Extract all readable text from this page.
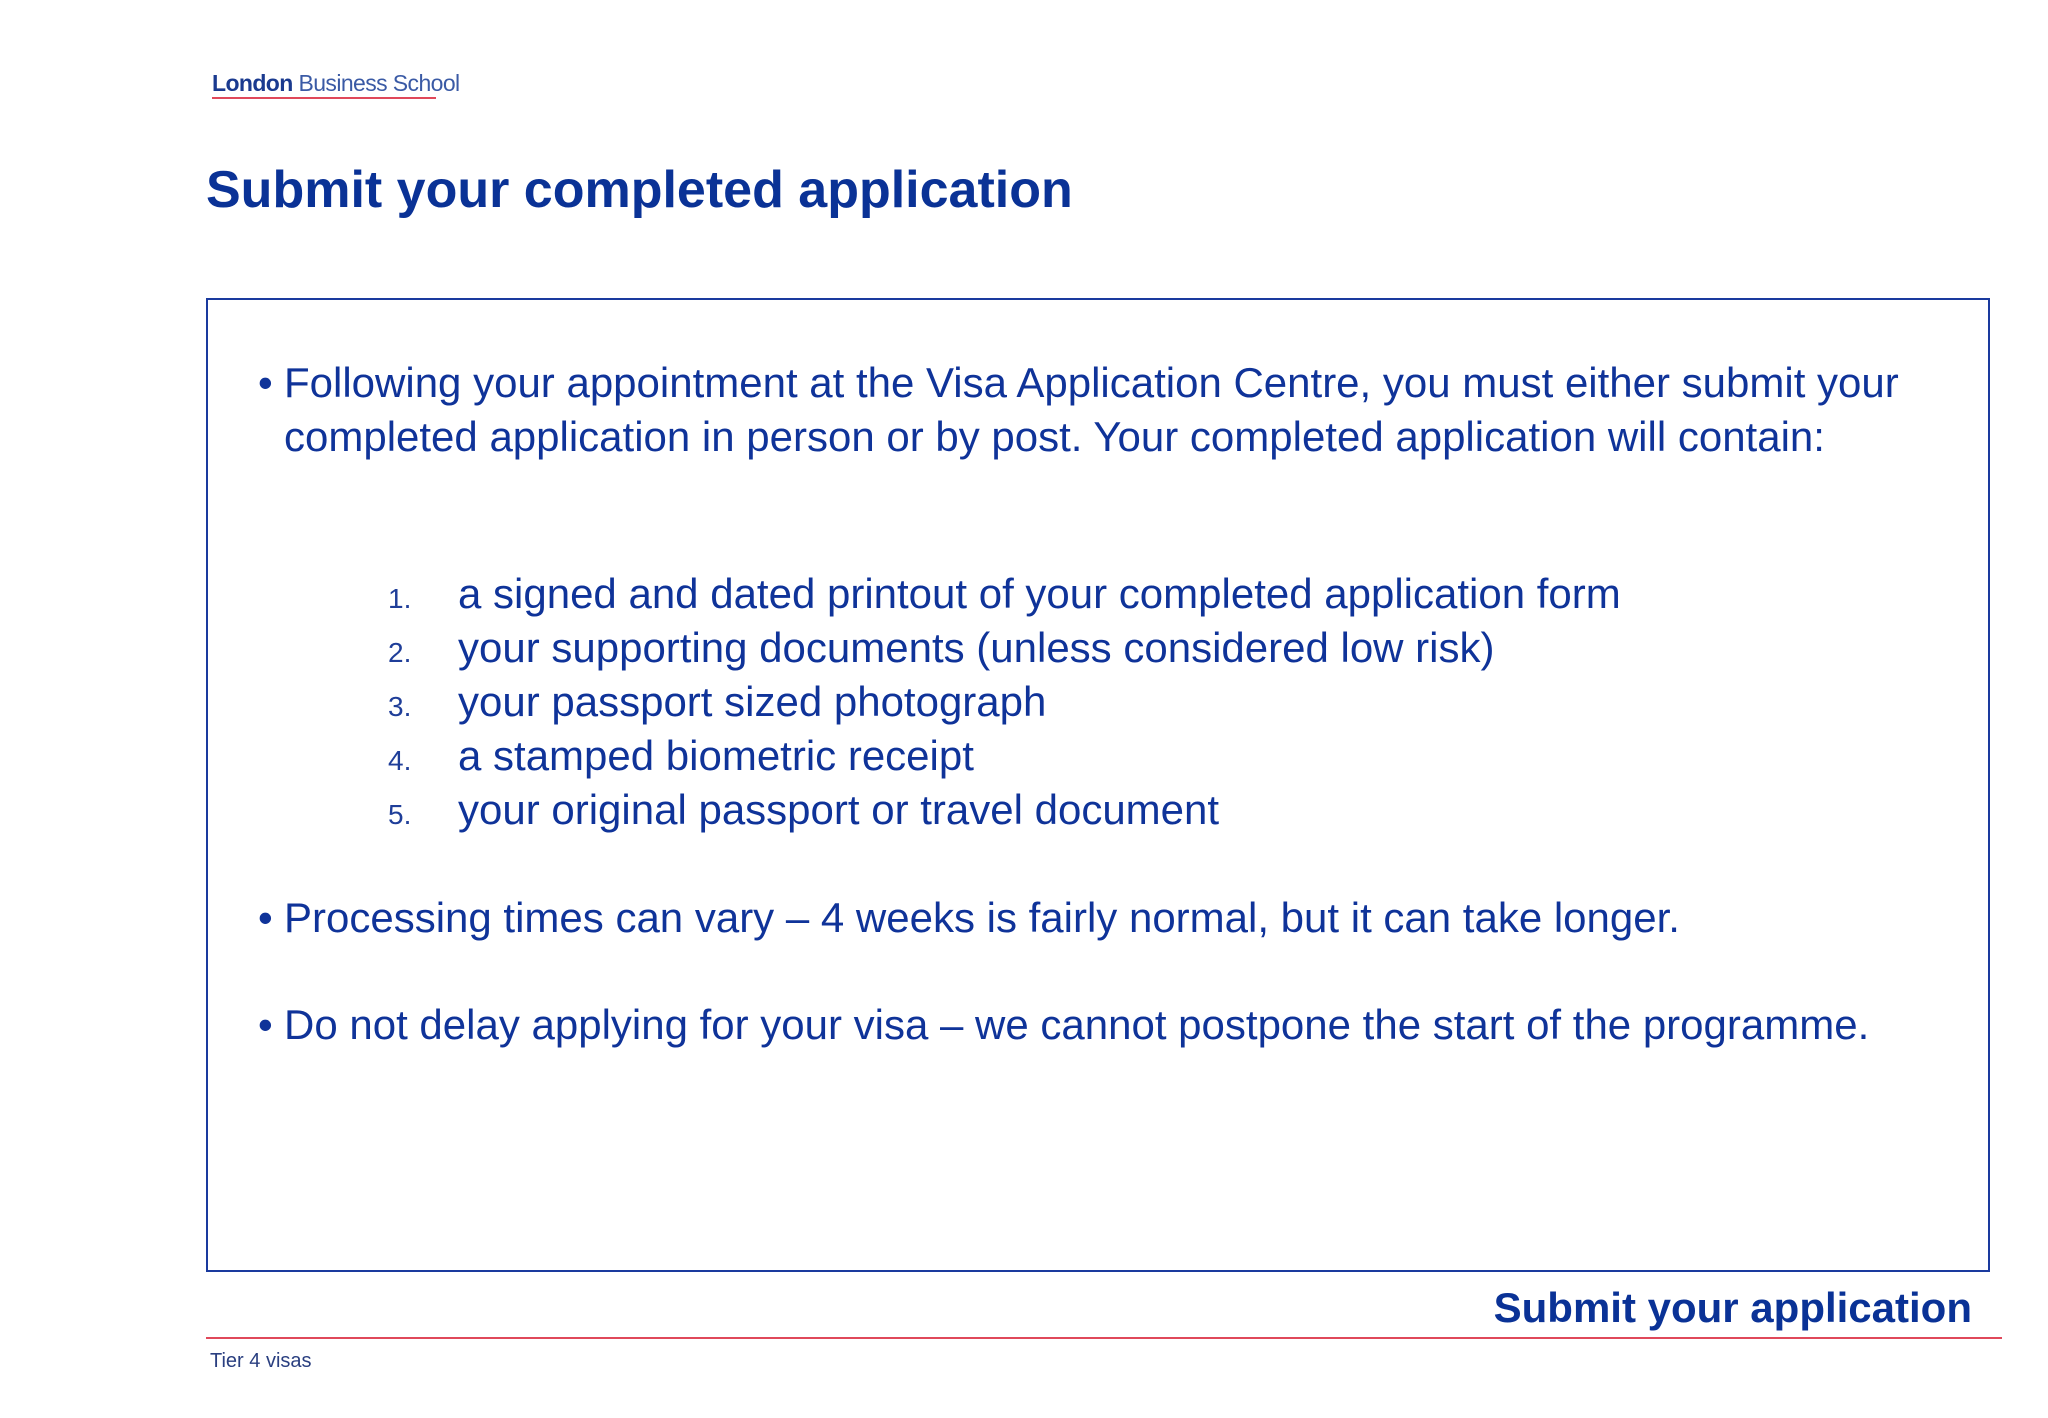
London Business School
Submit your completed application
• Following your appointment at the Visa Application Centre, you must either submit your completed application in person or by post. Your completed application will contain:
1.	a signed and dated printout of your completed application form
2.	your supporting documents (unless considered low risk)
3.	your passport sized photograph
4.	a stamped biometric receipt
5.	your original passport or travel document
• Processing times can vary – 4 weeks is fairly normal, but it can take longer.
• Do not delay applying for your visa – we cannot postpone the start of the programme.
Submit your application
Tier 4 visas
